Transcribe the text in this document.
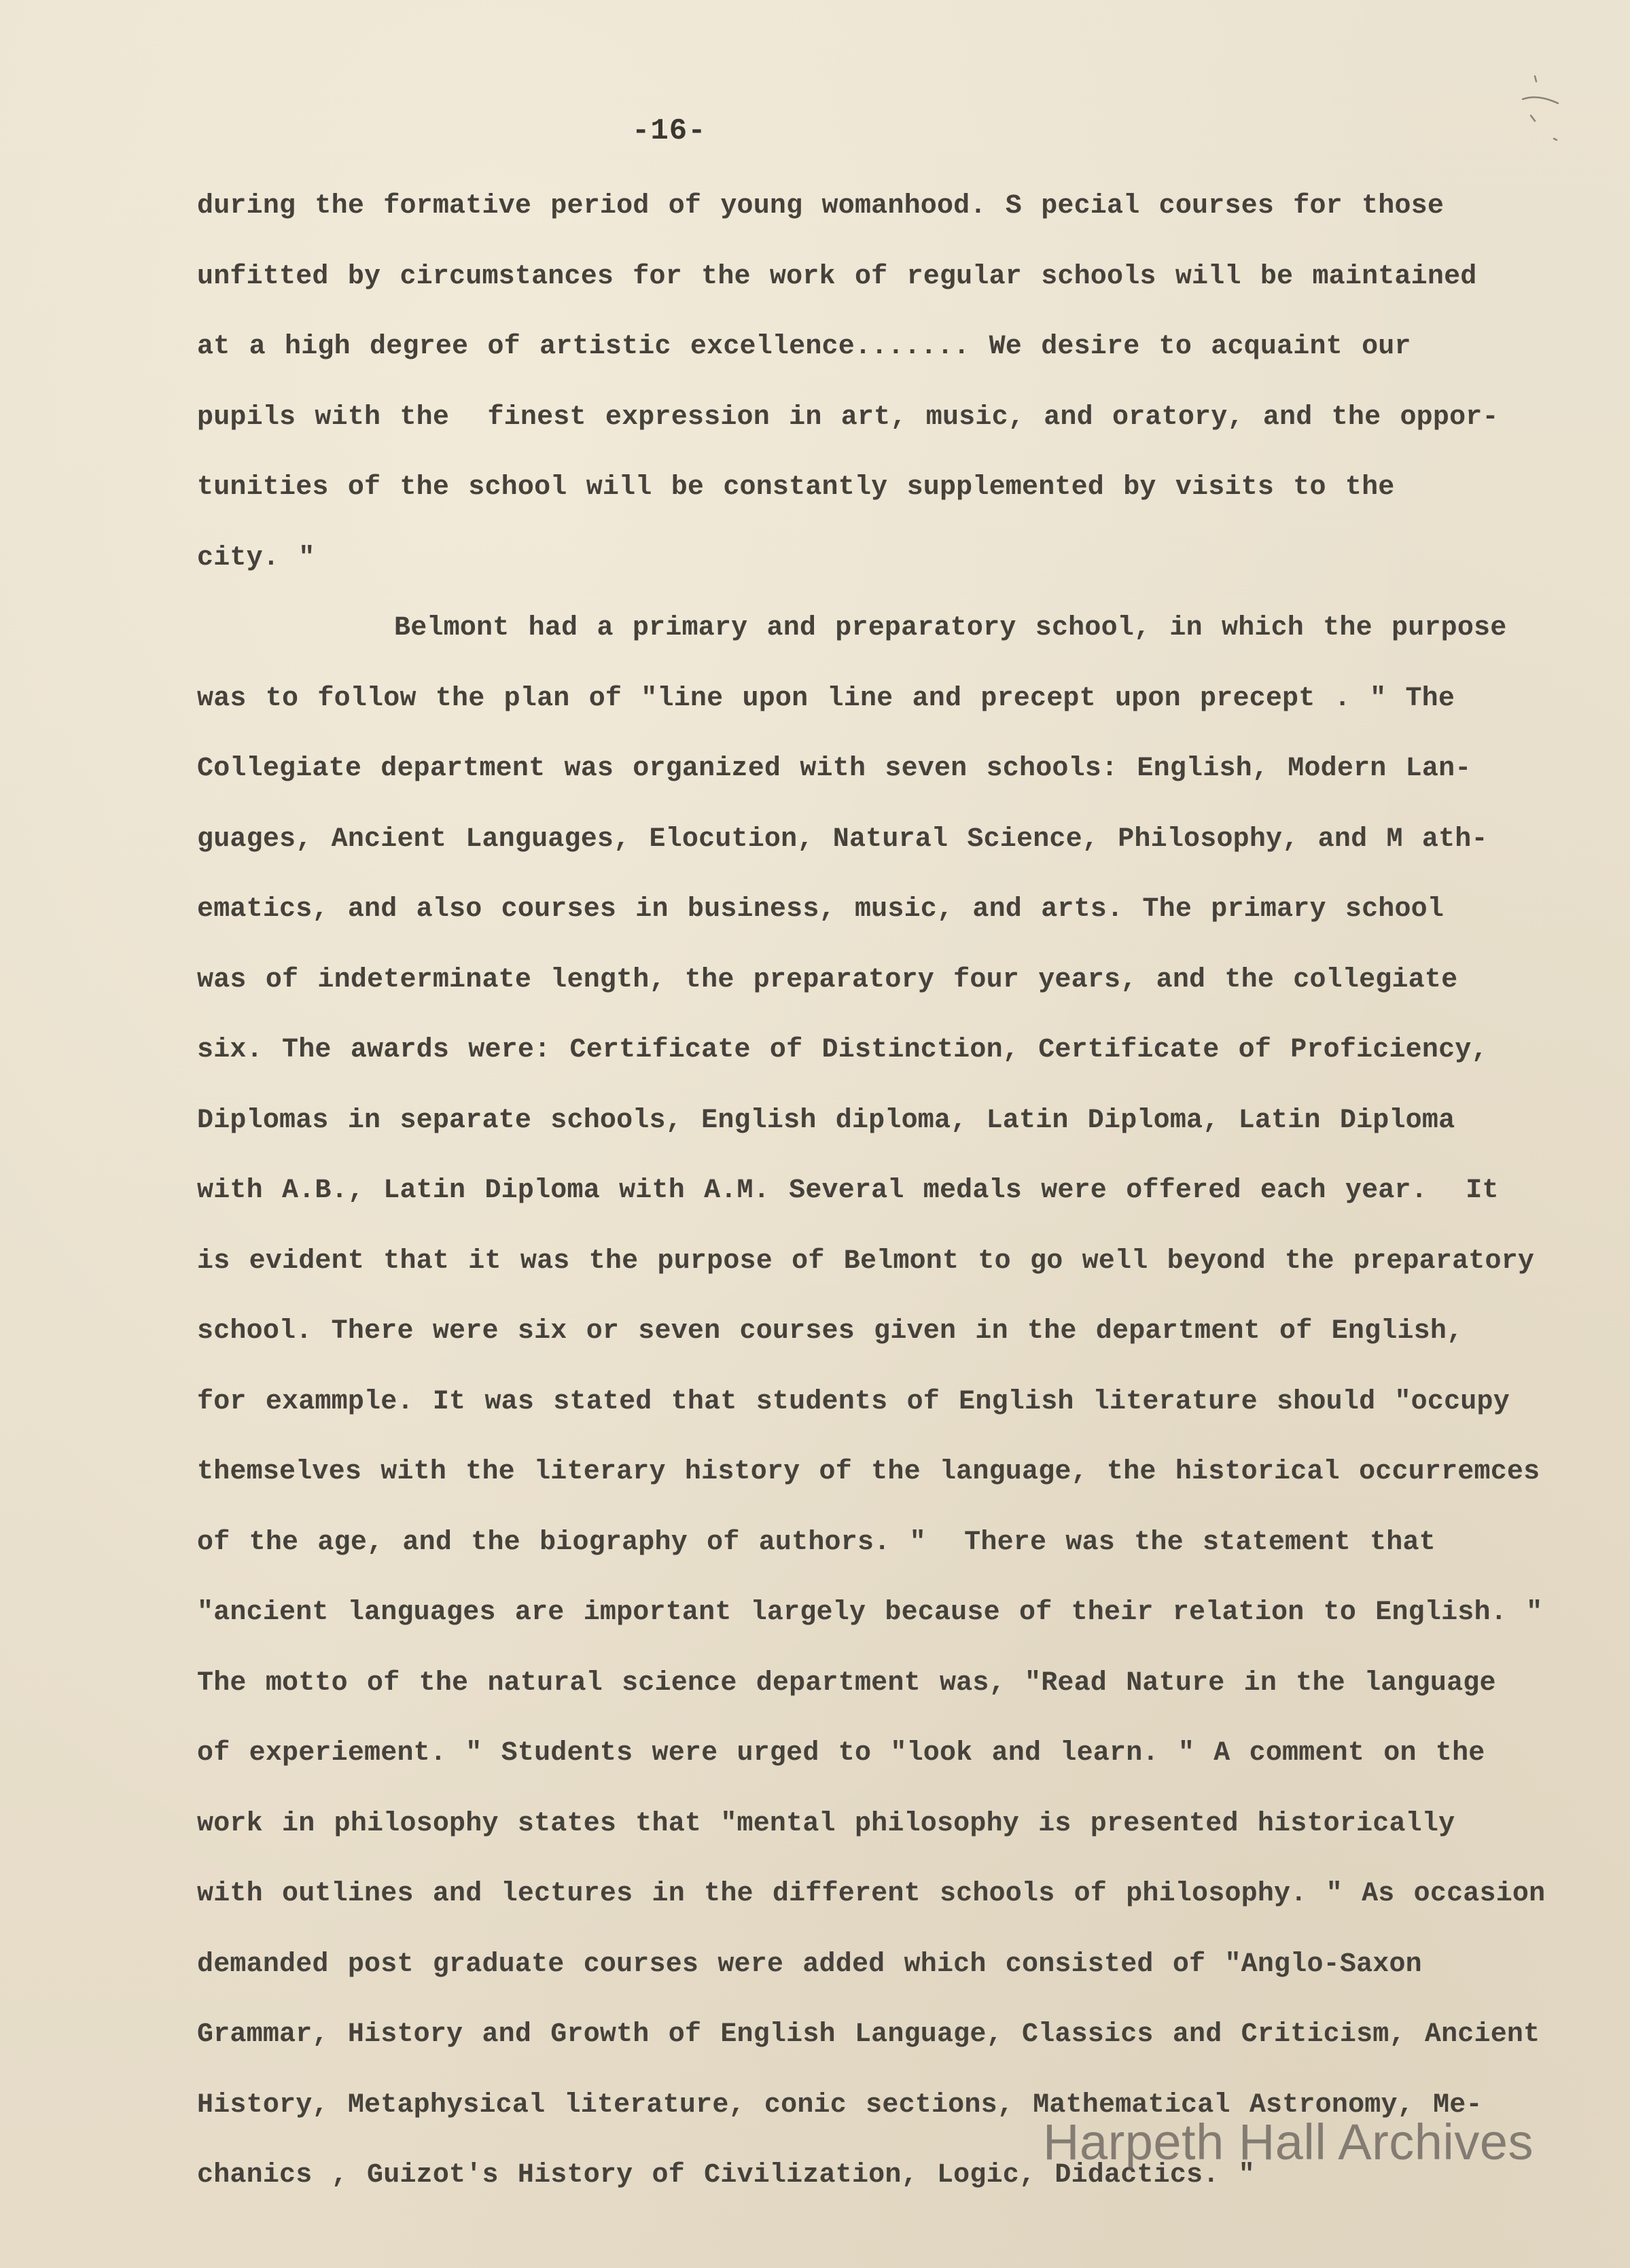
-16-
during the formative period of young womanhood. S pecial courses for those
unfitted by circumstances for the work of regular schools will be maintained
at a high degree of artistic excellence....... We desire to acquaint our
pupils with the  finest expression in art, music, and oratory, and the oppor-
tunities of the school will be constantly supplemented by visits to the
city. "
Belmont had a primary and preparatory school, in which the purpose
was to follow the plan of "line upon line and precept upon precept . " The
Collegiate department was organized with seven schools: English, Modern Lan-
guages, Ancient Languages, Elocution, Natural Science, Philosophy, and M ath-
ematics, and also courses in business, music, and arts. The primary school
was of indeterminate length, the preparatory four years, and the collegiate
six. The awards were: Certificate of Distinction, Certificate of Proficiency,
Diplomas in separate schools, English diploma, Latin Diploma, Latin Diploma
with A.B., Latin Diploma with A.M. Several medals were offered each year.  It
is evident that it was the purpose of Belmont to go well beyond the preparatory
school. There were six or seven courses given in the department of English,
for exammple. It was stated that students of English literature should "occupy
themselves with the literary history of the language, the historical occurremces
of the age, and the biography of authors. "  There was the statement that
"ancient languages are important largely because of their relation to English. "
The motto of the natural science department was, "Read Nature in the language
of experiement. " Students were urged to "look and learn. " A comment on the
work in philosophy states that "mental philosophy is presented historically
with outlines and lectures in the different schools of philosophy. " As occasion
demanded post graduate courses were added which consisted of "Anglo-Saxon
Grammar, History and Growth of English Language, Classics and Criticism, Ancient
History, Metaphysical literature, conic sections, Mathematical Astronomy, Me-
chanics , Guizot's History of Civilization, Logic, Didactics. "
Harpeth Hall Archives
